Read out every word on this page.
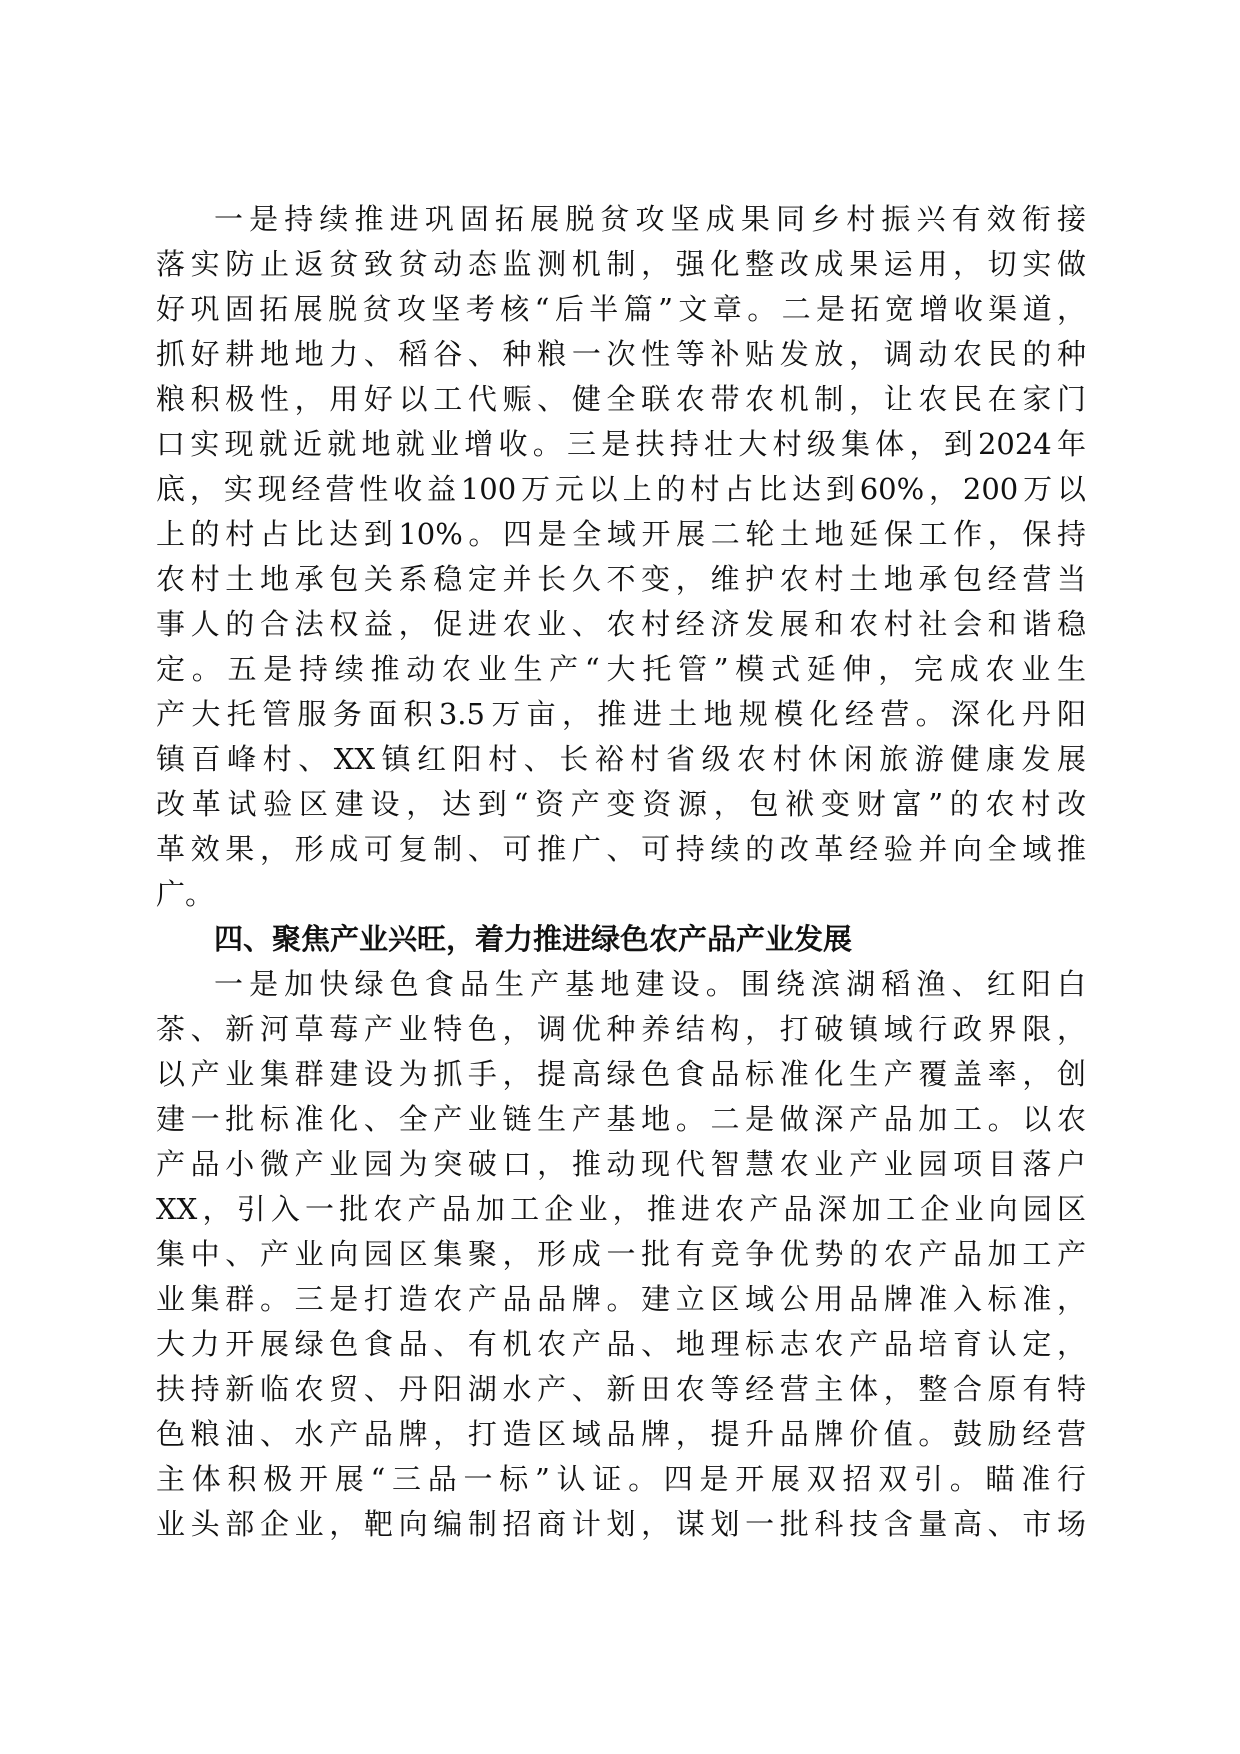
一是持续推进巩固拓展脱贫攻坚成果同乡村振兴有效衔接
落实防止返贫致贫动态监测机制，强化整改成果运用，切实做
好巩固拓展脱贫攻坚考核“后半篇”文章。二是拓宽增收渠道，
抓好耕地地力、稻谷、种粮一次性等补贴发放，调动农民的种
粮积极性，用好以工代赈、健全联农带农机制，让农民在家门
口实现就近就地就业增收。三是扶持壮大村级集体，到2024年
底，实现经营性收益100万元以上的村占比达到60%，200万以
上的村占比达到10%。四是全域开展二轮土地延保工作，保持
农村土地承包关系稳定并长久不变，维护农村土地承包经营当
事人的合法权益，促进农业、农村经济发展和农村社会和谐稳
定。五是持续推动农业生产“大托管”模式延伸，完成农业生
产大托管服务面积3.5万亩，推进土地规模化经营。深化丹阳
镇百峰村、XX镇红阳村、长裕村省级农村休闲旅游健康发展
改革试验区建设，达到“资产变资源，包袱变财富”的农村改
革效果，形成可复制、可推广、可持续的改革经验并向全域推
广。
四、聚焦产业兴旺，着力推进绿色农产品产业发展
一是加快绿色食品生产基地建设。围绕滨湖稻渔、红阳白
茶、新河草莓产业特色，调优种养结构，打破镇域行政界限，
以产业集群建设为抓手，提高绿色食品标准化生产覆盖率，创
建一批标准化、全产业链生产基地。二是做深产品加工。以农
产品小微产业园为突破口，推动现代智慧农业产业园项目落户
XX，引入一批农产品加工企业，推进农产品深加工企业向园区
集中、产业向园区集聚，形成一批有竞争优势的农产品加工产
业集群。三是打造农产品品牌。建立区域公用品牌准入标准，
大力开展绿色食品、有机农产品、地理标志农产品培育认定，
扶持新临农贸、丹阳湖水产、新田农等经营主体，整合原有特
色粮油、水产品牌，打造区域品牌，提升品牌价值。鼓励经营
主体积极开展“三品一标”认证。四是开展双招双引。瞄准行
业头部企业，靶向编制招商计划，谋划一批科技含量高、市场
